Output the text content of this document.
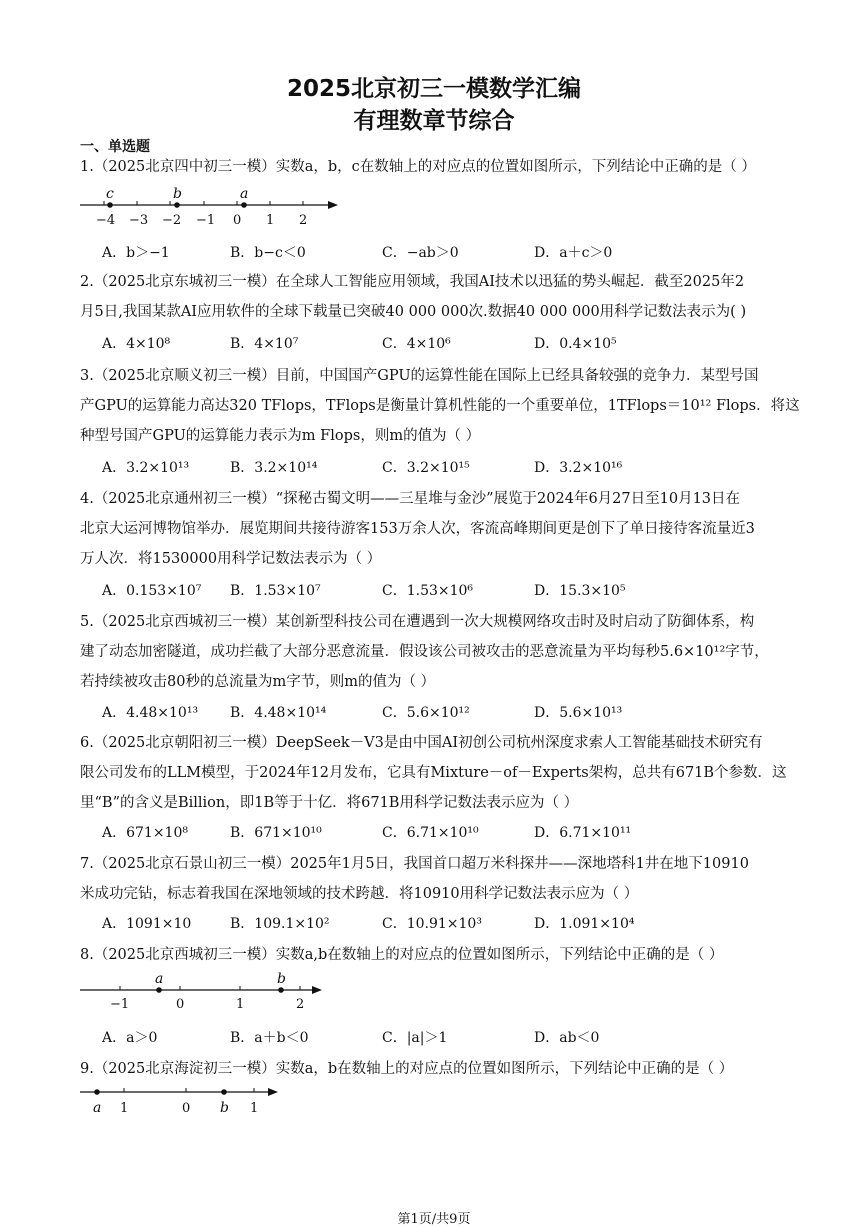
2025北京初三一模数学汇编
有理数章节综合
一、单选题
1.（2025北京四中初三一模）实数a，b，c在数轴上的对应点的位置如图所示，下列结论中正确的是（ ）
c	b	a
−4 −3 −2 −1 0 1 2
A．b＞−1	B．b−c＜0	C．−ab＞0	D．a＋c＞0
2.（2025北京东城初三一模）在全球人工智能应用领域，我国AI技术以迅猛的势头崛起．截至2025年2
月5日,我国某款AI应用软件的全球下载量已突破40 000 000次.数据40 000 000用科学记数法表示为( )
A．4×10⁸	B．4×10⁷	C．4×10⁶	D．0.4×10⁵
3.（2025北京顺义初三一模）目前，中国国产GPU的运算性能在国际上已经具备较强的竞争力．某型号国
产GPU的运算能力高达320 TFlops，TFlops是衡量计算机性能的一个重要单位，1TFlops＝10¹² Flops．将这
种型号国产GPU的运算能力表示为m Flops，则m的值为（ ）
A．3.2×10¹³	B．3.2×10¹⁴	C．3.2×10¹⁵	D．3.2×10¹⁶
4.（2025北京通州初三一模）“探秘古蜀文明——三星堆与金沙”展览于2024年6月27日至10月13日在
北京大运河博物馆举办．展览期间共接待游客153万余人次，客流高峰期间更是创下了单日接待客流量近3
万人次．将1530000用科学记数法表示为（ ）
A．0.153×10⁷ B．1.53×10⁷	C．1.53×10⁶	D．15.3×10⁵
5.（2025北京西城初三一模）某创新型科技公司在遭遇到一次大规模网络攻击时及时启动了防御体系，构
建了动态加密隧道，成功拦截了大部分恶意流量．假设该公司被攻击的恶意流量为平均每秒5.6×10¹²字节，
若持续被攻击80秒的总流量为m字节，则m的值为（ ）
A．4.48×10¹³ B．4.48×10¹⁴	C．5.6×10¹²	D．5.6×10¹³
6.（2025北京朝阳初三一模）DeepSeek－V3是由中国AI初创公司杭州深度求索人工智能基础技术研究有
限公司发布的LLM模型，于2024年12月发布，它具有Mixture－of－Experts架构，总共有671B个参数．这
里“B”的含义是Billion，即1B等于十亿．将671B用科学记数法表示应为（ ）
A．671×10⁸	B．671×10¹⁰	C．6.71×10¹⁰	D．6.71×10¹¹
7.（2025北京石景山初三一模）2025年1月5日，我国首口超万米科探井——深地塔科1井在地下10910
米成功完钻，标志着我国在深地领域的技术跨越．将10910用科学记数法表示应为（ ）
A．1091×10	B．109.1×10²	C．10.91×10³	D．1.091×10⁴
8.（2025北京西城初三一模）实数a,b在数轴上的对应点的位置如图所示，下列结论中正确的是（ ）
a	b
−1	0	1	2
A．a＞0	B．a＋b＜0	C．|a|＞1	D．ab＜0
9.（2025北京海淀初三一模）实数a，b在数轴上的对应点的位置如图所示，下列结论中正确的是（ ）
a	b
1	0	1
第1页/共9页
